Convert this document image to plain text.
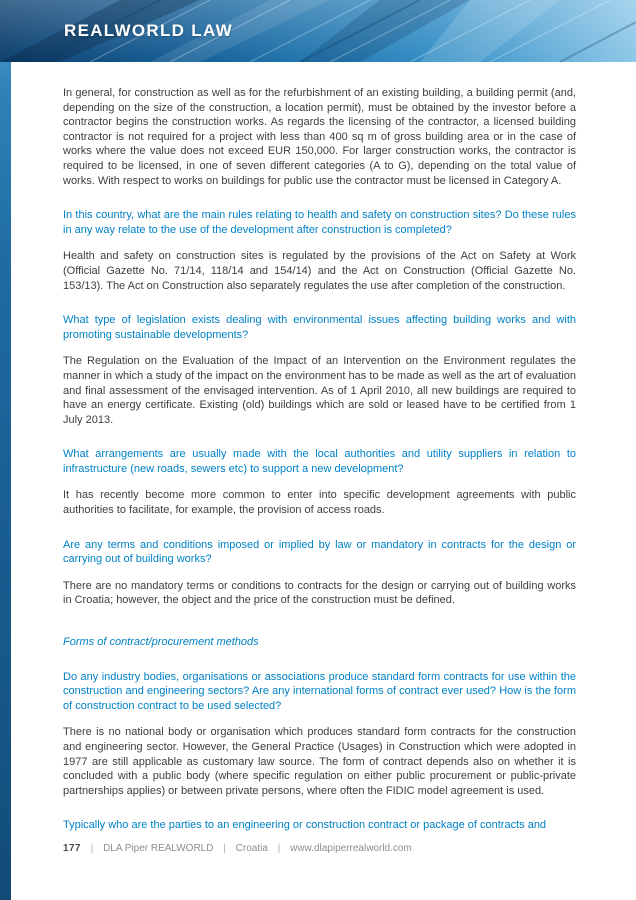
REALWORLD LAW

In general, for construction as well as for the refurbishment of an existing building, a building permit (and, depending on the size of the construction, a location permit), must be obtained by the investor before a contractor begins the construction works. As regards the licensing of the contractor, a licensed building contractor is not required for a project with less than 400 sq m of gross building area or in the case of works where the value does not exceed EUR 150,000. For larger construction works, the contractor is required to be licensed, in one of seven different categories (A to G), depending on the total value of works. With respect to works on buildings for public use the contractor must be licensed in Category A.

In this country, what are the main rules relating to health and safety on construction sites? Do these rules in any way relate to the use of the development after construction is completed?

Health and safety on construction sites is regulated by the provisions of the Act on Safety at Work (Official Gazette No. 71/14, 118/14 and 154/14) and the Act on Construction (Official Gazette No. 153/13). The Act on Construction also separately regulates the use after completion of the construction.

What type of legislation exists dealing with environmental issues affecting building works and with promoting sustainable developments?

The Regulation on the Evaluation of the Impact of an Intervention on the Environment regulates the manner in which a study of the impact on the environment has to be made as well as the art of evaluation and final assessment of the envisaged intervention. As of 1 April 2010, all new buildings are required to have an energy certificate. Existing (old) buildings which are sold or leased have to be certified from 1 July 2013.

What arrangements are usually made with the local authorities and utility suppliers in relation to infrastructure (new roads, sewers etc) to support a new development?

It has recently become more common to enter into specific development agreements with public authorities to facilitate, for example, the provision of access roads.

Are any terms and conditions imposed or implied by law or mandatory in contracts for the design or carrying out of building works?

There are no mandatory terms or conditions to contracts for the design or carrying out of building works in Croatia; however, the object and the price of the construction must be defined.

Forms of contract/procurement methods

Do any industry bodies, organisations or associations produce standard form contracts for use within the construction and engineering sectors? Are any international forms of contract ever used? How is the form of construction contract to be used selected?

There is no national body or organisation which produces standard form contracts for the construction and engineering sector. However, the General Practice (Usages) in Construction which were adopted in 1977 are still applicable as customary law source. The form of contract depends also on whether it is concluded with a public body (where specific regulation on either public procurement or public-private partnerships applies) or between private persons, where often the FIDIC model agreement is used.

Typically who are the parties to an engineering or construction contract or package of contracts and

177 | DLA Piper REALWORLD | Croatia | www.dlapiperrealworld.com
